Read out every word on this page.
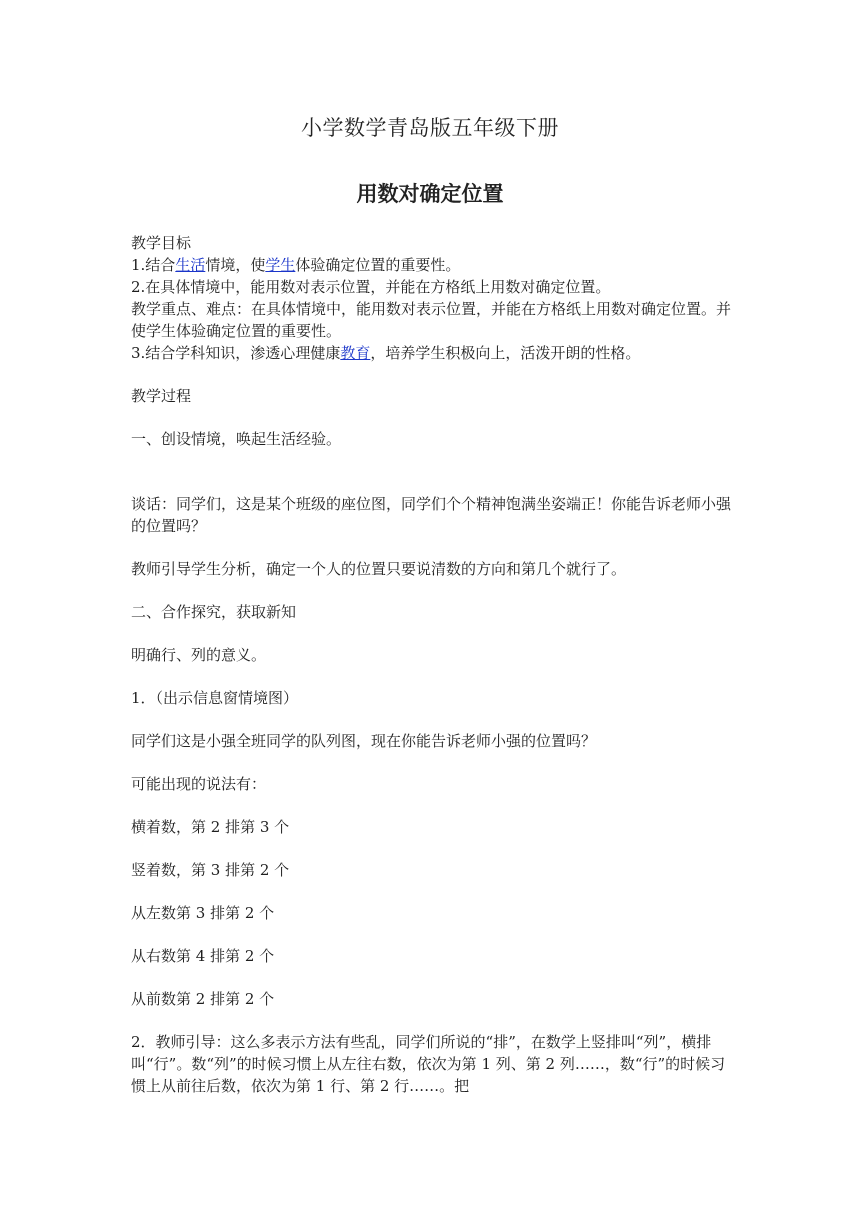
小学数学青岛版五年级下册
用数对确定位置

教学目标

1.结合生活情境，使学生体验确定位置的重要性。

2.在具体情境中，能用数对表示位置，并能在方格纸上用数对确定位置。

教学重点、难点：在具体情境中，能用数对表示位置，并能在方格纸上用数对确定位置。并使学生体验确定位置的重要性。

3.结合学科知识，渗透心理健康教育，培养学生积极向上，活泼开朗的性格。

教学过程

一、创设情境，唤起生活经验。

谈话：同学们，这是某个班级的座位图，同学们个个精神饱满坐姿端正！你能告诉老师小强的位置吗？

教师引导学生分析，确定一个人的位置只要说清数的方向和第几个就行了。

二、合作探究，获取新知

明确行、列的意义。

1．（出示信息窗情境图）

同学们这是小强全班同学的队列图，现在你能告诉老师小强的位置吗？

可能出现的说法有：

横着数，第 2 排第 3 个

竖着数，第 3 排第 2 个

从左数第 3 排第 2 个

从右数第 4 排第 2 个

从前数第 2 排第 2 个

2．教师引导：这么多表示方法有些乱，同学们所说的“排”，在数学上竖排叫“列”，横排叫“行”。数“列”的时候习惯上从左往右数，依次为第 1 列、第 2 列……，数“行”的时候习惯上从前往后数，依次为第 1 行、第 2 行……。把
